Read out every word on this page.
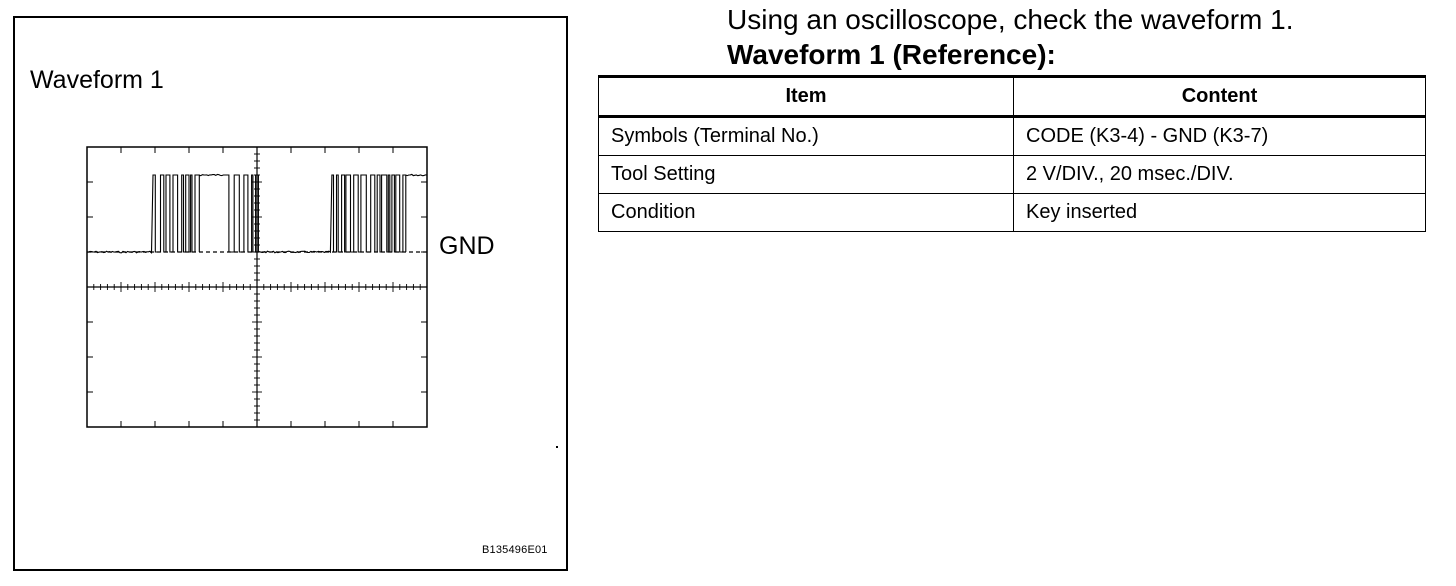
Waveform 1
GND
B135496E01
Using an oscilloscope, check the waveform 1.
Waveform 1 (Reference):
Item	Content
Symbols (Terminal No.)	CODE (K3-4) - GND (K3-7)
Tool Setting	2 V/DIV., 20 msec./DIV.
Condition	Key inserted
